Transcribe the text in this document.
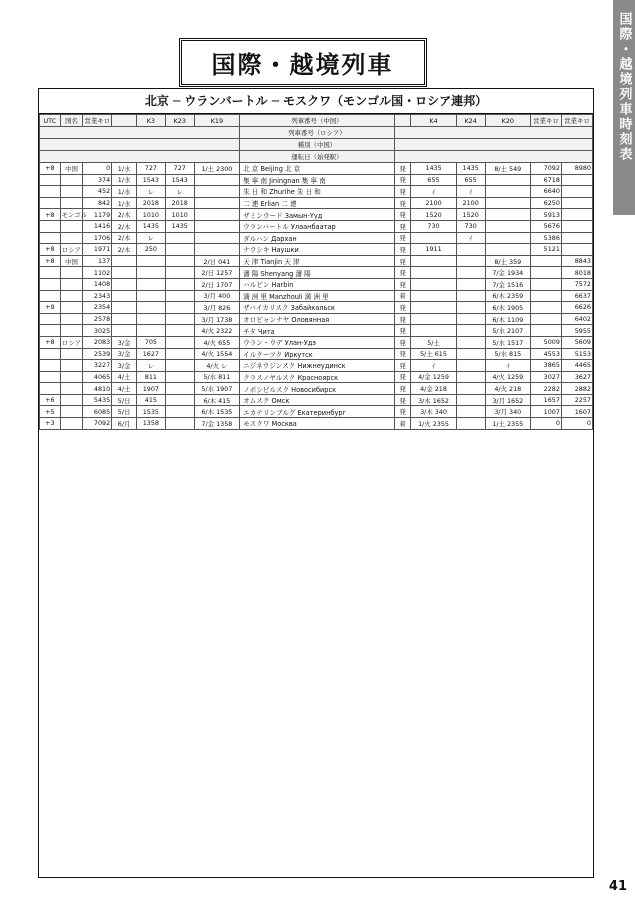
国際・越境列車時刻表
国際・越境列車
北京 ─ ウランバートル ─ モスクワ（モンゴル国・ロシア連邦）
UTC	国名	営業キロ		K3	K23	K19	列車番号（中国）		K4	K24	K20	営業キロ	営業キロ
							列車番号（ロシア）						
							種別（中国）						
							運転日（始発駅）						
+8	中国	0	1/水	727	727	1/土 2300	北 京 Beijing 北 京	発	1435	1435	8/土 549	7092	8980
		374	1/水	1543	1543		集 寧 南 Jiningnan 集 寧 南	発	655	655		6718	
		452	1/水	レ	レ		朱 日 和 Zhurihe 朱 日 和	発	ｲ	ｲ		6640	
		842	1/水	2018	2018		二 連 Erlian 二 連	発	2100	2100		6250	
+8	モンゴル	1179	2/木	1010	1010		ザミンウード Замын-Үүд	発	1520	1520		5913	
		1416	2/木	1435	1435		ウランバートル Улаанбаатар	発	730	730		5676	
		1706	2/木	レ			ダルハン Дархан	発		ｲ		5386	
+8	ロシア	1971	2/木	250			ナウシキ Наушки	発	1911			5121	
+8	中国	137				2/日 041	天 津 Tianjin 天 津	発			8/土 359		8843
		1102				2/日 1257	瀋 陽 Shenyang 瀋 陽	発			7/金 1934		8018
		1408				2/日 1707	ハルビン Harbin	発			7/金 1516		7572
		2343				3/月 400	満 洲 里 Manzhouli 満 洲 里	着			6/木 2359		6637
+9		2354				3/月 826	ザバイカリスク Забайкальск	発			6/木 1905		6626
		2578				3/月 1738	オロビャンナヤ Оловянная	発			6/木 1109		6402
		3025				4/火 2322	チタ Чита	発			5/水 2107		5955
+8	ロシア	2083	3/金	705		4/火 655	ウラン・ウデ Улан-Удэ	発	5/土		5/水 1517	5009	5609
		2539	3/金	1627		4/火 1554	イルクーツク Иркутск	発	5/土 615		5/水 815	4553	5153
		3227	3/金	レ		4/火 レ	ニジネウジンスク Нижнеудинск	発	ｲ		ｲ	3865	4465
		4065	4/土	811		5/水 811	クラスノヤルスク Красноярск	発	4/金 1259		4/火 1259	3027	3627
		4810	4/土	1907		5/水 1907	ノボシビルスク Новосибирск	発	4/金 218		4/火 218	2282	2882
+6		5435	5/日	415		6/木 415	オムスク Омск	発	3/木 1652		3/月 1652	1657	2257
+5		6085	5/日	1535		6/木 1535	エカテリンブルグ Екатеринбург	発	3/木 340		3/月 340	1007	1607
+3		7092	6/月	1358		7/金 1358	モスクワ Москва	着	1/火 2355		1/土 2355	0	0
41
